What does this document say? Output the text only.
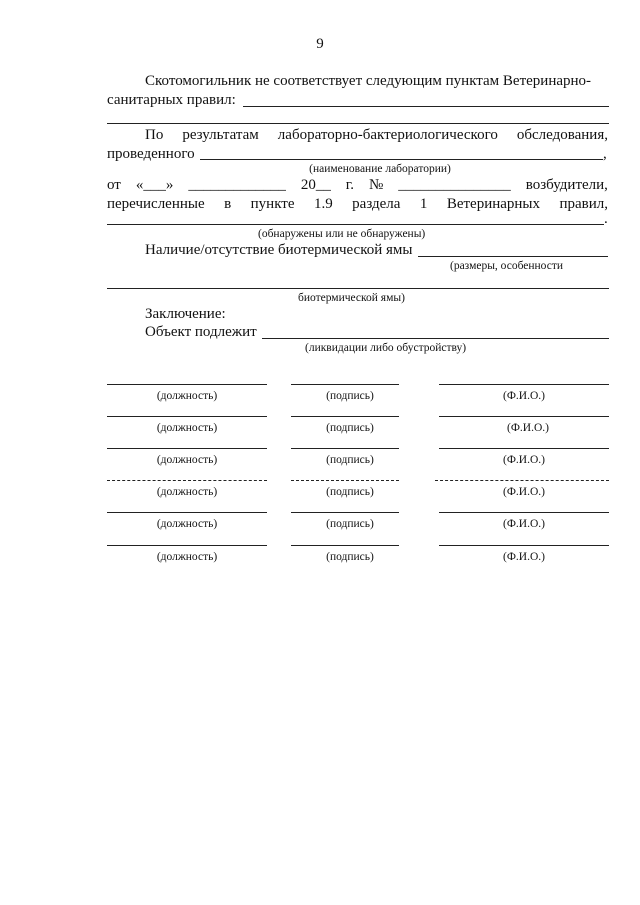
9
Скотомогильник не соответствует следующим пунктам Ветеринарно-
санитарных правил:
По результатам лабораторно-бактериологического обследования,
проведенного	,
(наименование лаборатории)
от «___» _____________ 20__ г. № _______________ возбудители,
перечисленные в пункте 1.9 раздела 1 Ветеринарных правил,
.
(обнаружены или не обнаружены)
Наличие/отсутствие биотермической ямы
(размеры, особенности
биотермической ямы)
Заключение:
Объект подлежит
(ликвидации либо обустройству)
(должность)	(подпись)	(Ф.И.О.)
(должность)	(подпись)	(Ф.И.О.)
(должность)	(подпись)	(Ф.И.О.)
(должность)	(подпись)	(Ф.И.О.)
(должность)	(подпись)	(Ф.И.О.)
(должность)	(подпись)	(Ф.И.О.)
